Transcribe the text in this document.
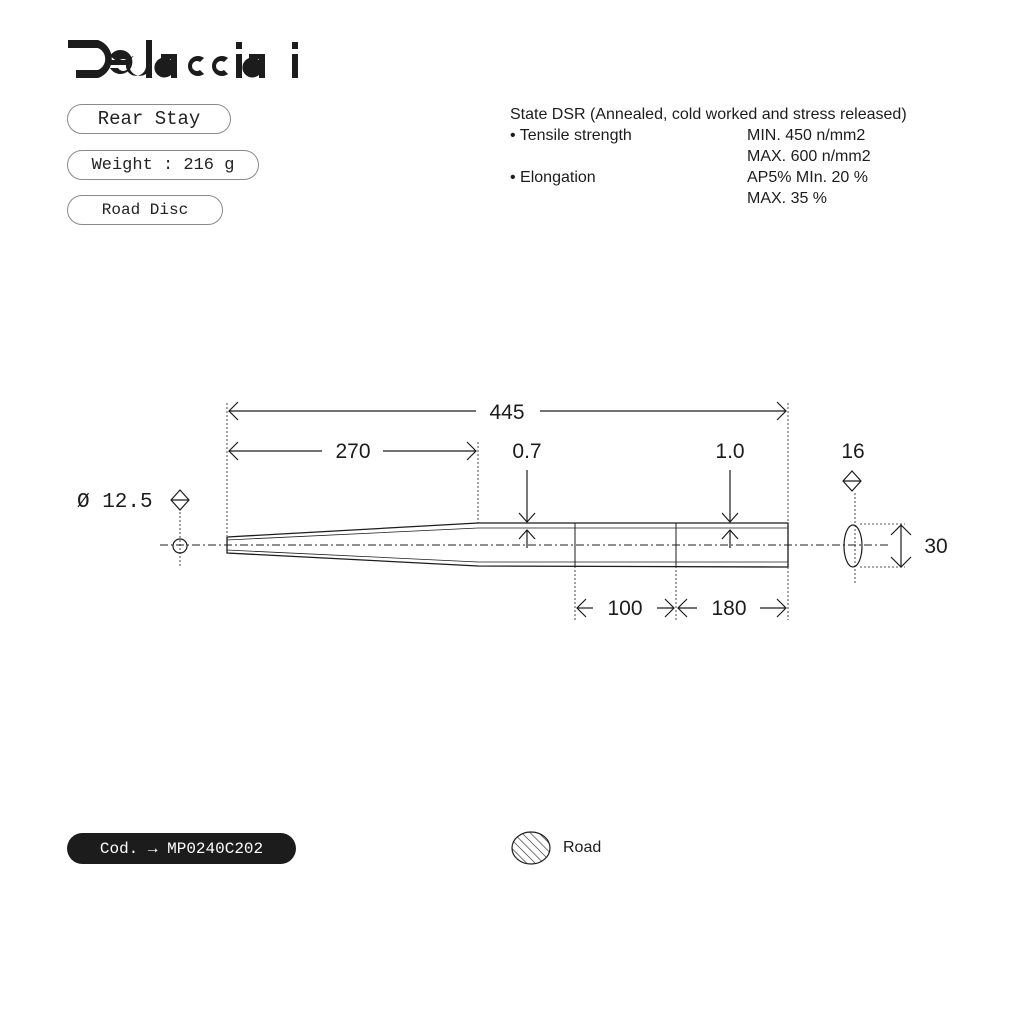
Rear Stay
Weight : 216 g
Road Disc
State DSR (Annealed, cold worked and stress released)
• Tensile strength	MIN. 450 n/mm2
MAX. 600 n/mm2
• Elongation	AP5% MIn. 20 %
MAX. 35 %
445
270	0.7	1.0
Ø 12.5
16
30
100	180
Cod.
→
MP0240C202	Road
